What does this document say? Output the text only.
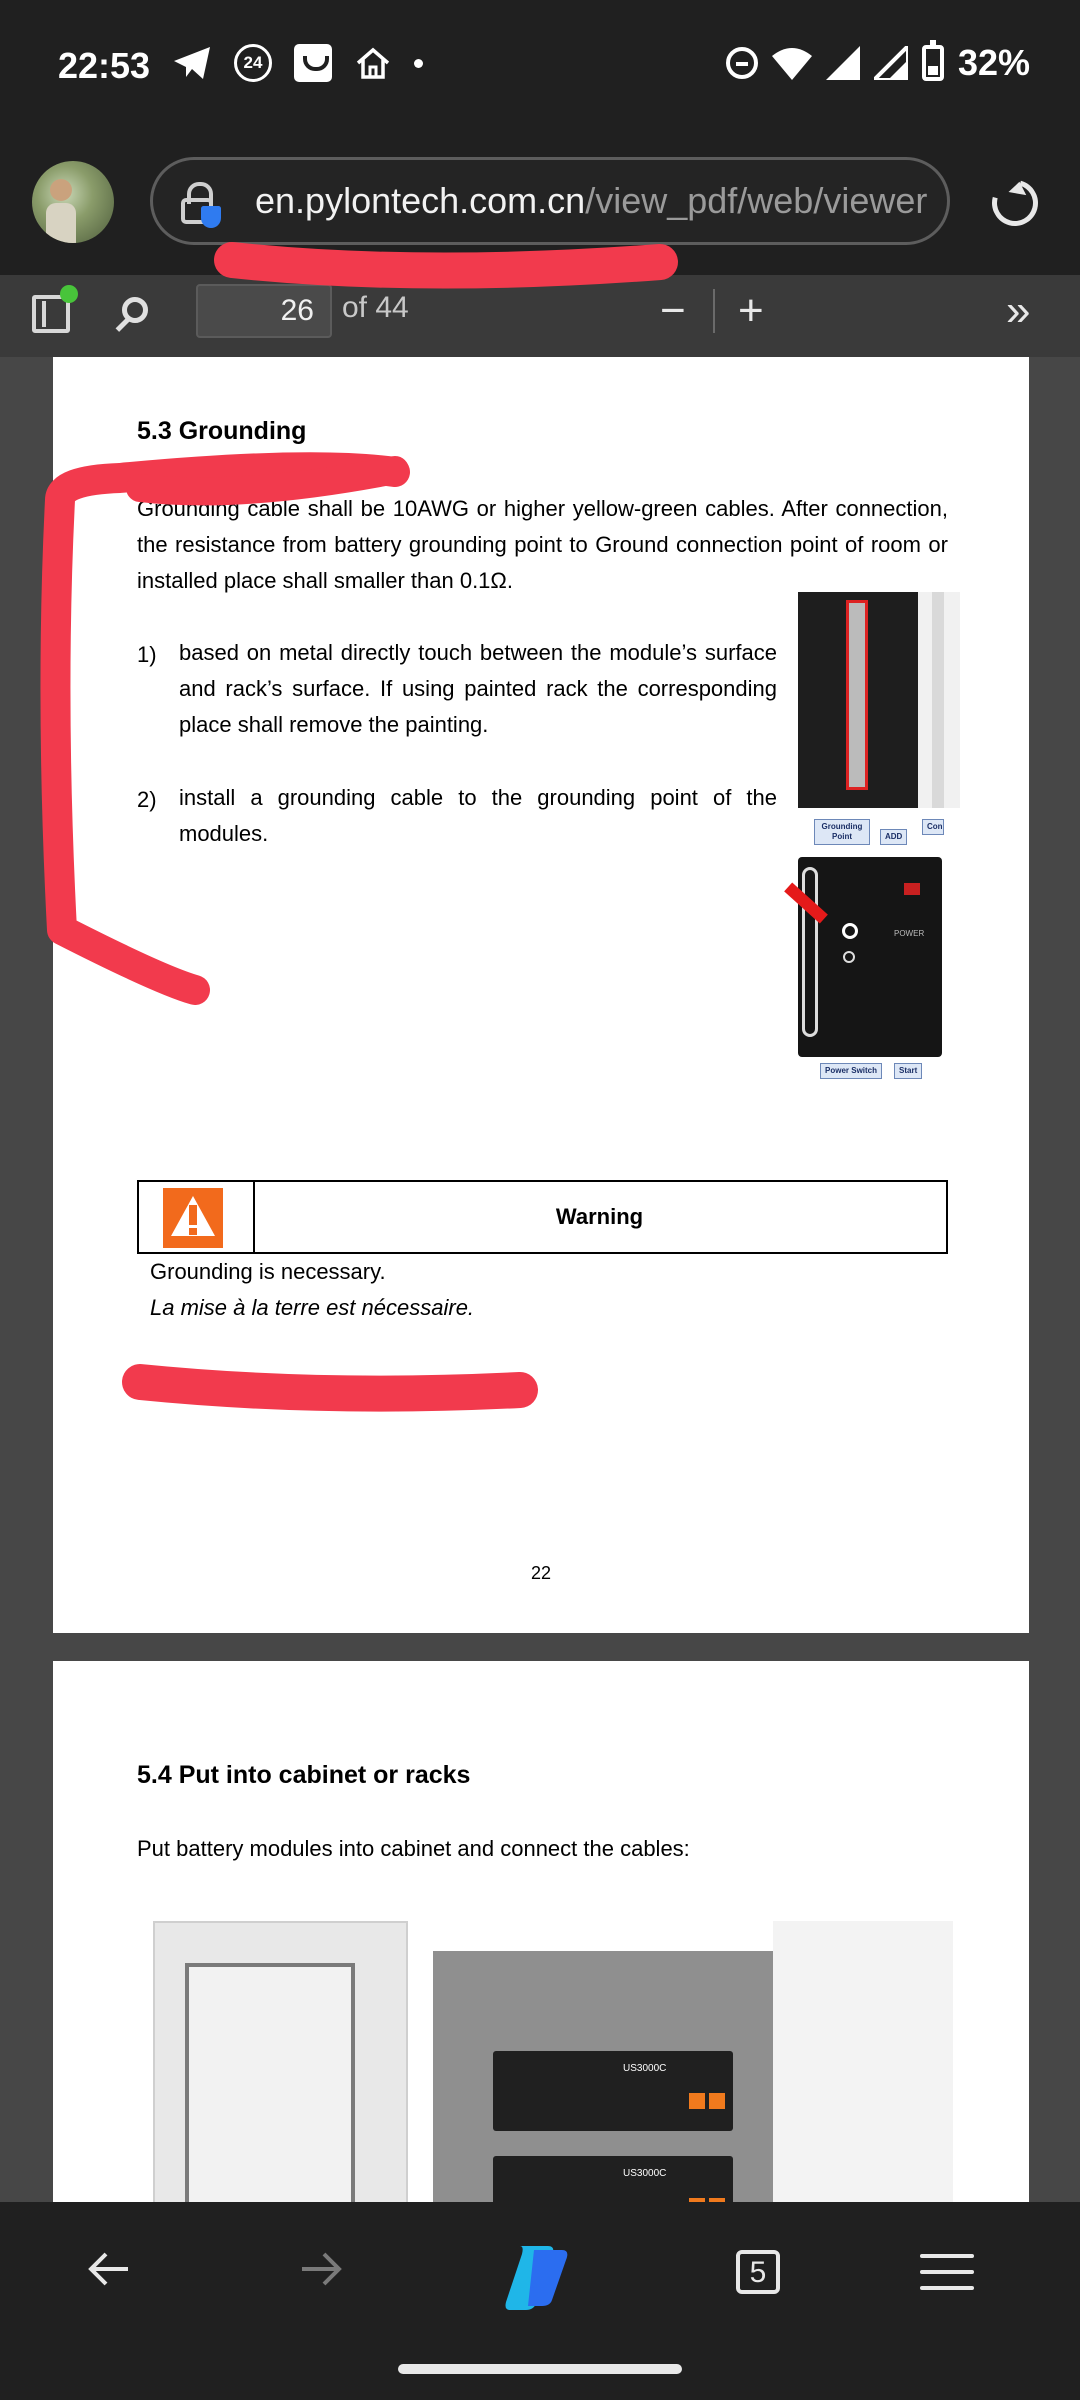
22:53	24	32%
en.pylontech.com.cn/view_pdf/web/viewer
26 of 44	− +	»
5.3 Grounding
Grounding cable shall be 10AWG or higher yellow-green cables. After connection, the resistance from battery grounding point to Ground connection point of room or installed place shall smaller than 0.1Ω.
1) based on metal directly touch between the module’s surface and rack’s surface. If using painted rack the corresponding place shall remove the painting.
2) install a grounding cable to the grounding point of the modules.	Grounding Point	ADD
Con
POWER
Power Switch	Start
Warning
Grounding is necessary.
La mise à la terre est nécessaire.
22
5.4 Put into cabinet or racks
Put battery modules into cabinet and connect the cables:
US3000C
US3000C
5
